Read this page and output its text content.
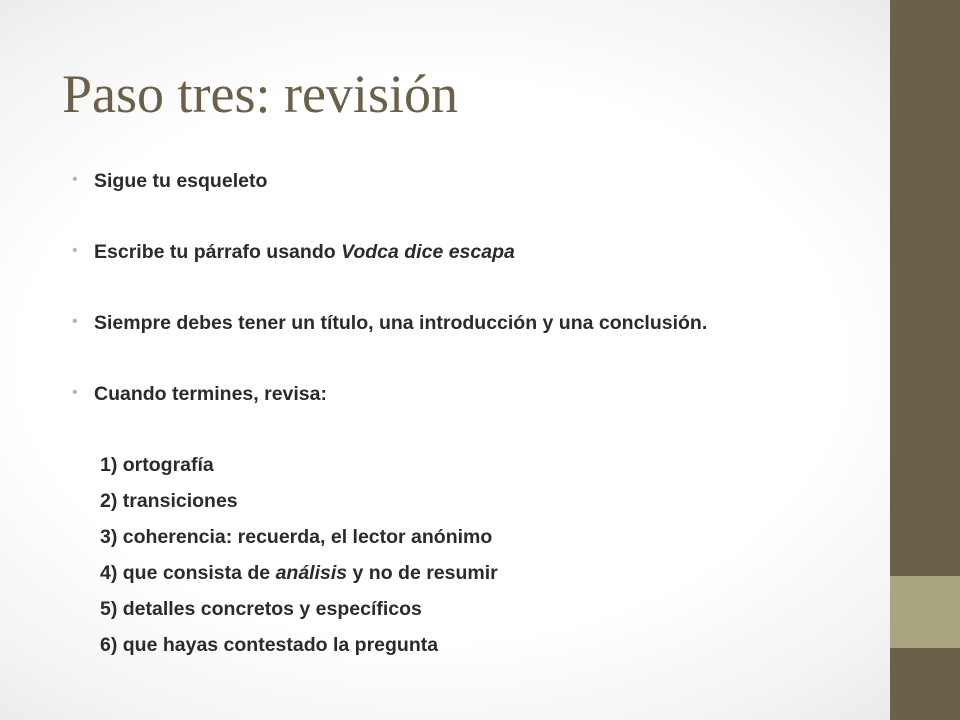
Paso tres: revisión
• Sigue tu esqueleto
• Escribe tu párrafo usando Vodca dice escapa
• Siempre debes tener un título, una introducción y una conclusión.
• Cuando termines, revisa:
1) ortografía
2) transiciones
3) coherencia: recuerda, el lector anónimo
4) que consista de análisis y no de resumir
5) detalles concretos y específicos
6) que hayas contestado la pregunta
